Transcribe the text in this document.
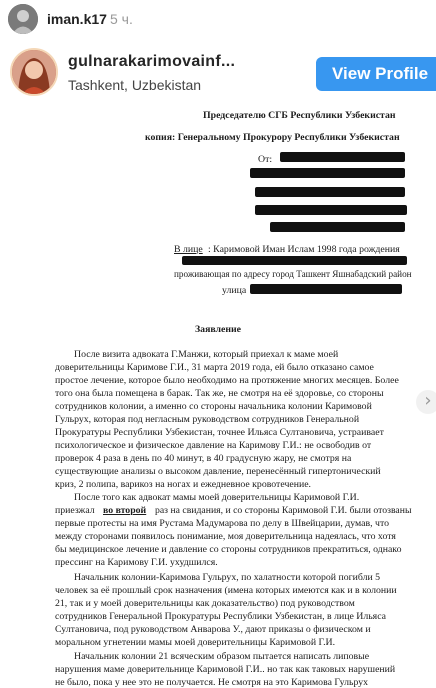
iman.k17 5 ч.
gulnarakarimovainf...
Tashkent, Uzbekistan
View Profile
Председателю СГБ Республики Узбекистан
копия: Генеральному Прокурору Республики Узбекистан
От:
В лице : Каримовой Иман Ислам 1998 года рождения
проживающая по адресу город Ташкент Яшнабадский район
улица
Заявление
После визита адвоката Г.Манжи, который приехал к маме моей
доверительницы Каримове Г.И., 31 марта 2019 года, ей было отказано самое
простое лечение, которое было необходимо на протяжение многих месяцев. Более
того она была помещена в барак. Так же, не смотря на её здоровье, со стороны
сотрудников колонии, а именно со стороны начальника колонии Каримовой
Гульрух, которая под негласным руководством сотрудников Генеральной
Прокуратуры Республики Узбекистан, точнее Ильяса Султановича, устраивает
психологическое и физическое давление на Каримову Г.И.: не освободив от
проверок 4 раза в день по 40 минут, в 40 градусную жару, не смотря на
существующие анализы о высоком давление, перенесённый гипертонический
криз, 2 полипа, варикоз на ногах и ежедневное кровотечение.
После того как адвокат мамы моей доверительницы Каримовой Г.И.
приезжал во второй раз на свидания, и со стороны Каримовой Г.И. были отозваны
первые протесты на имя Рустама Мадумарова по делу в Швейцарии, думав, что
между сторонами появилось понимание, моя доверительница надеялась, что хотя
бы медицинское лечение и давление со стороны сотрудников прекратиться, однако
прессинг на Каримову Г.И. ухудшился.
Начальник колонии-Каримова Гульрух, по халатности которой погибли 5
человек за её прошлый срок назначения (имена которых имеются как и в колонии
21, так и у моей доверительницы как доказательство) под руководством
сотрудников Генеральной Прокуратуры Республики Узбекистан, в лице Ильяса
Султановича, под руководством Анварова У., дают приказы о физическом и
моральном угнетении мамы моей доверительницы Каримовой Г.И.
Начальник колонии 21 всяческим образом пытается написать липовые
нарушения маме доверительнице Каримовой Г.И.. но так как таковых нарушений
не было, пока у нее это не получается. Не смотря на это Каримова Гульрух
›
